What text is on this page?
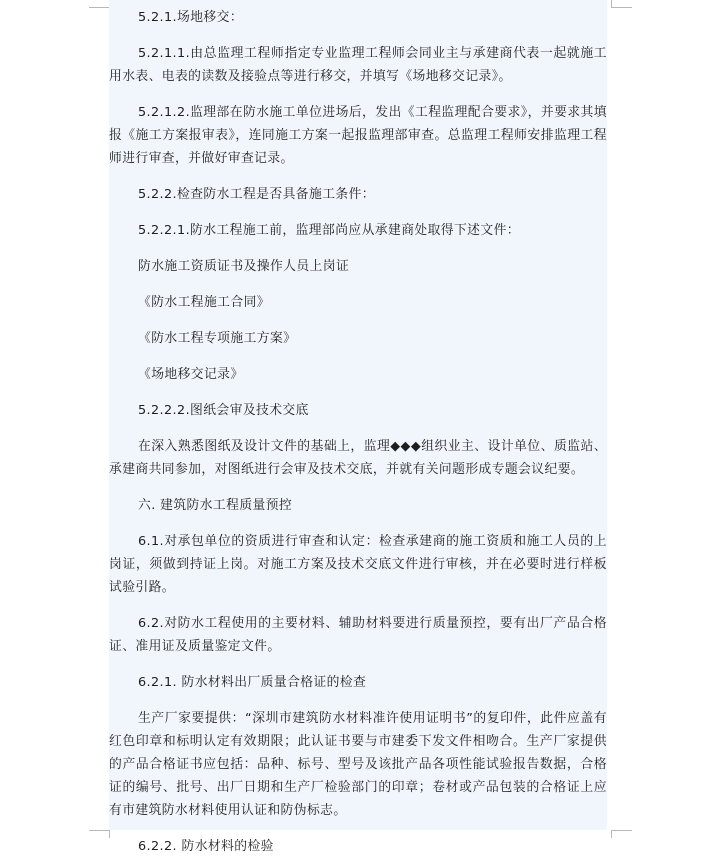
5.2.1.场地移交：

5.2.1.1.由总监理工程师指定专业监理工程师会同业主与承建商代表一起就施工用水表、电表的读数及接验点等进行移交，并填写《场地移交记录》。

5.2.1.2.监理部在防水施工单位进场后，发出《工程监理配合要求》，并要求其填报《施工方案报审表》，连同施工方案一起报监理部审查。总监理工程师安排监理工程师进行审查，并做好审查记录。

5.2.2.检查防水工程是否具备施工条件：

5.2.2.1.防水工程施工前，监理部尚应从承建商处取得下述文件：

防水施工资质证书及操作人员上岗证

《防水工程施工合同》

《防水工程专项施工方案》

《场地移交记录》

5.2.2.2.图纸会审及技术交底

在深入熟悉图纸及设计文件的基础上，监理◆◆◆组织业主、设计单位、质监站、承建商共同参加，对图纸进行会审及技术交底，并就有关问题形成专题会议纪要。

六. 建筑防水工程质量预控

6.1.对承包单位的资质进行审查和认定：检查承建商的施工资质和施工人员的上岗证，须做到持证上岗。对施工方案及技术交底文件进行审核，并在必要时进行样板试验引路。

6.2.对防水工程使用的主要材料、辅助材料要进行质量预控，要有出厂产品合格证、准用证及质量鉴定文件。

6.2.1. 防水材料出厂质量合格证的检查

生产厂家要提供：“深圳市建筑防水材料准许使用证明书”的复印件，此件应盖有红色印章和标明认定有效期限；此认证书要与市建委下发文件相吻合。生产厂家提供的产品合格证书应包括：品种、标号、型号及该批产品各项性能试验报告数据，合格证的编号、批号、出厂日期和生产厂检验部门的印章；卷材或产品包装的合格证上应有市建筑防水材料使用认证和防伪标志。

6.2.2. 防水材料的检验
